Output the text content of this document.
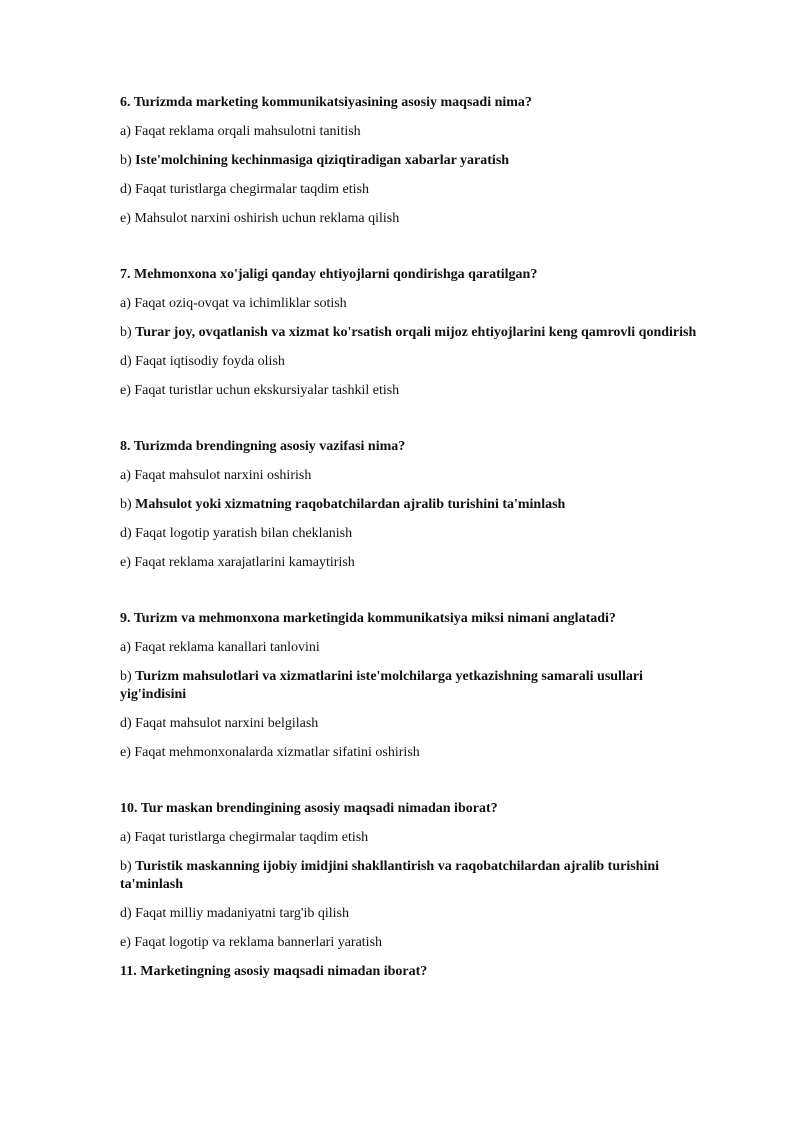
6. Turizmda marketing kommunikatsiyasining asosiy maqsadi nima?

a) Faqat reklama orqali mahsulotni tanitish

b) Iste'molchining kechinmasiga qiziqtiradigan xabarlar yaratish

d) Faqat turistlarga chegirmalar taqdim etish

e) Mahsulot narxini oshirish uchun reklama qilish

7. Mehmonxona xo'jaligi qanday ehtiyojlarni qondirishga qaratilgan?

a) Faqat oziq-ovqat va ichimliklar sotish

b) Turar joy, ovqatlanish va xizmat ko'rsatish orqali mijoz ehtiyojlarini keng qamrovli qondirish

d) Faqat iqtisodiy foyda olish

e) Faqat turistlar uchun ekskursiyalar tashkil etish

8. Turizmda brendingning asosiy vazifasi nima?

a) Faqat mahsulot narxini oshirish

b) Mahsulot yoki xizmatning raqobatchilardan ajralib turishini ta'minlash

d) Faqat logotip yaratish bilan cheklanish

e) Faqat reklama xarajatlarini kamaytirish

9. Turizm va mehmonxona marketingida kommunikatsiya miksi nimani anglatadi?

a) Faqat reklama kanallari tanlovini

b) Turizm mahsulotlari va xizmatlarini iste'molchilarga yetkazishning samarali usullari yig'indisini

d) Faqat mahsulot narxini belgilash

e) Faqat mehmonxonalarda xizmatlar sifatini oshirish

10. Tur maskan brendingining asosiy maqsadi nimadan iborat?

a) Faqat turistlarga chegirmalar taqdim etish

b) Turistik maskanning ijobiy imidjini shakllantirish va raqobatchilardan ajralib turishini ta'minlash

d) Faqat milliy madaniyatni targ'ib qilish

e) Faqat logotip va reklama bannerlari yaratish

11. Marketingning asosiy maqsadi nimadan iborat?
